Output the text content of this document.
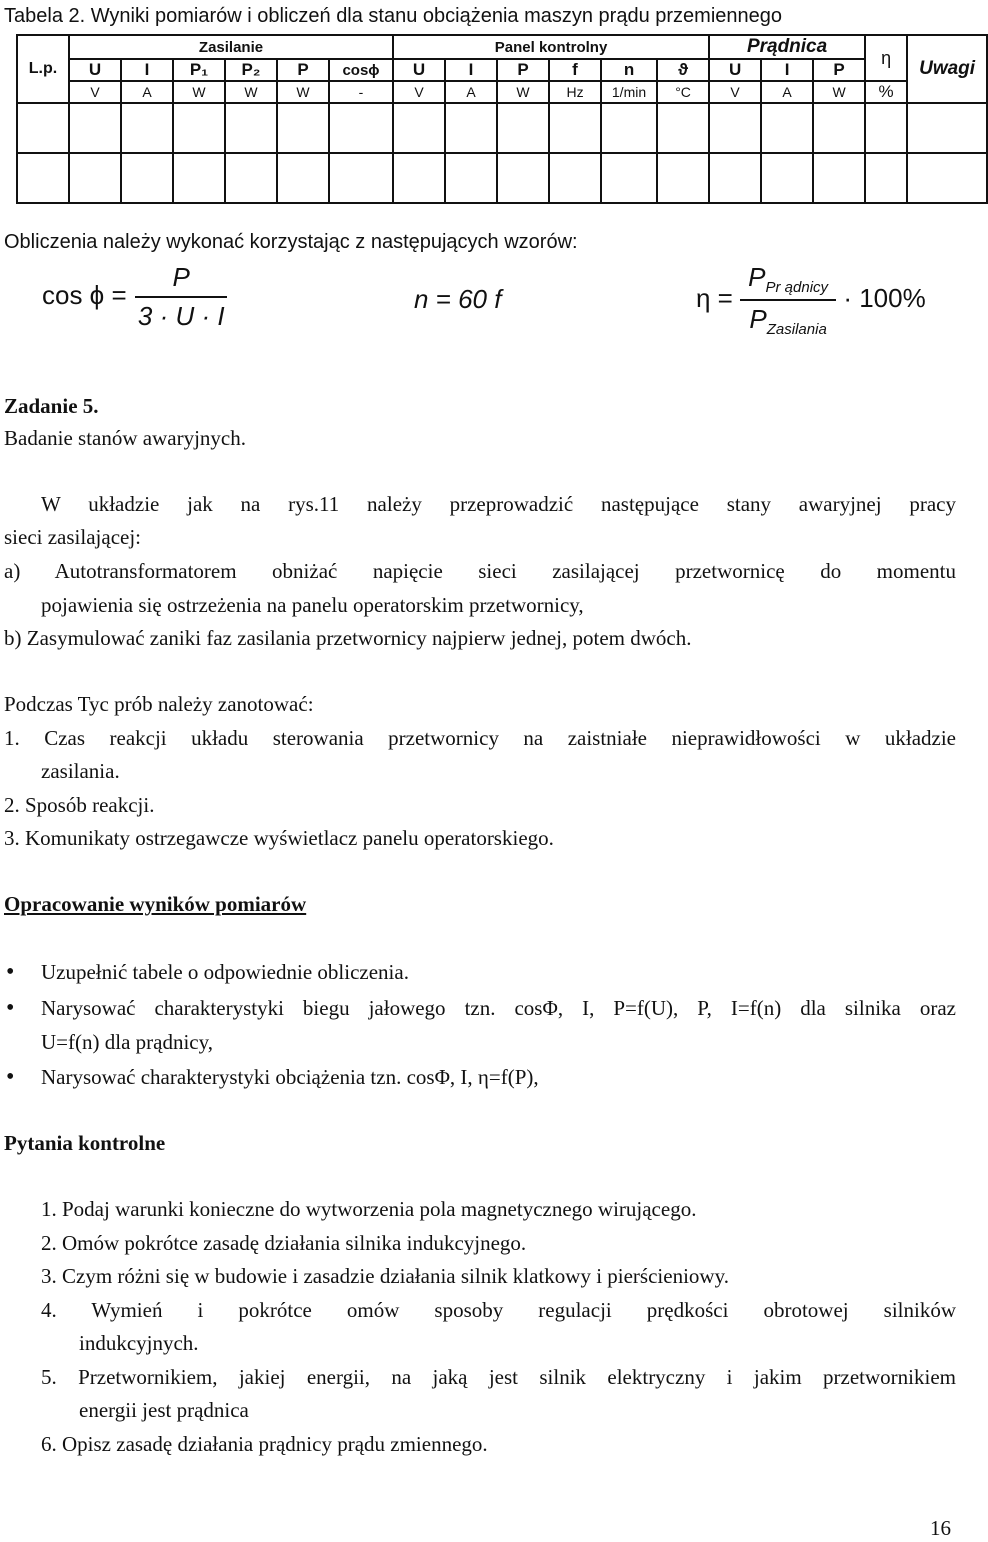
Tabela 2. Wyniki pomiarów i obliczeń dla stanu obciążenia maszyn prądu przemiennego
L.p.	Zasilanie						Panel kontrolny						Prądnica			η	Uwagi
	U	I	P₁	P₂	P	cosϕ	U	I	P	f	n	ϑ	U	I	P		
	V	A	W	W	W	-	V	A	W	Hz	1/min	°C	V	A	W	%	

Obliczenia należy wykonać korzystając z następujących wzorów:
$\cos \phi = \frac{P}{3 \cdot U \cdot I}$	n = 60 f	$\eta = \frac{P_{Pr ądnicy}}{P_{Zasilania}} \cdot 100\%$
Zadanie 5.
Badanie stanów awaryjnych.
W układzie jak na rys.11 należy przeprowadzić następujące stany awaryjnej pracy
sieci zasilającej:
a) Autotransformatorem obniżać napięcie sieci zasilającej przetwornicę do momentu
pojawienia się ostrzeżenia na panelu operatorskim przetwornicy,
b) Zasymulować zaniki faz zasilania przetwornicy najpierw jednej, potem dwóch.
Podczas Tyc prób należy zanotować:
1. Czas reakcji układu sterowania przetwornicy na zaistniałe nieprawidłowości w układzie
zasilania.
2. Sposób reakcji.
3. Komunikaty ostrzegawcze wyświetlacz panelu operatorskiego.
Opracowanie wyników pomiarów
• Uzupełnić tabele o odpowiednie obliczenia.
• Narysować charakterystyki biegu jałowego tzn. cosΦ, I, P=f(U), P, I=f(n) dla silnika oraz
U=f(n) dla prądnicy,
• Narysować charakterystyki obciążenia tzn. cosΦ, I, η=f(P),
Pytania kontrolne
1. Podaj warunki konieczne do wytworzenia pola magnetycznego wirującego.
2. Omów pokrótce zasadę działania silnika indukcyjnego.
3. Czym różni się w budowie i zasadzie działania silnik klatkowy i pierścieniowy.
4. Wymień i pokrótce omów sposoby regulacji prędkości obrotowej silników
indukcyjnych.
5. Przetwornikiem, jakiej energii, na jaką jest silnik elektryczny i jakim przetwornikiem
energii jest prądnica
6. Opisz zasadę działania prądnicy prądu zmiennego.
16
